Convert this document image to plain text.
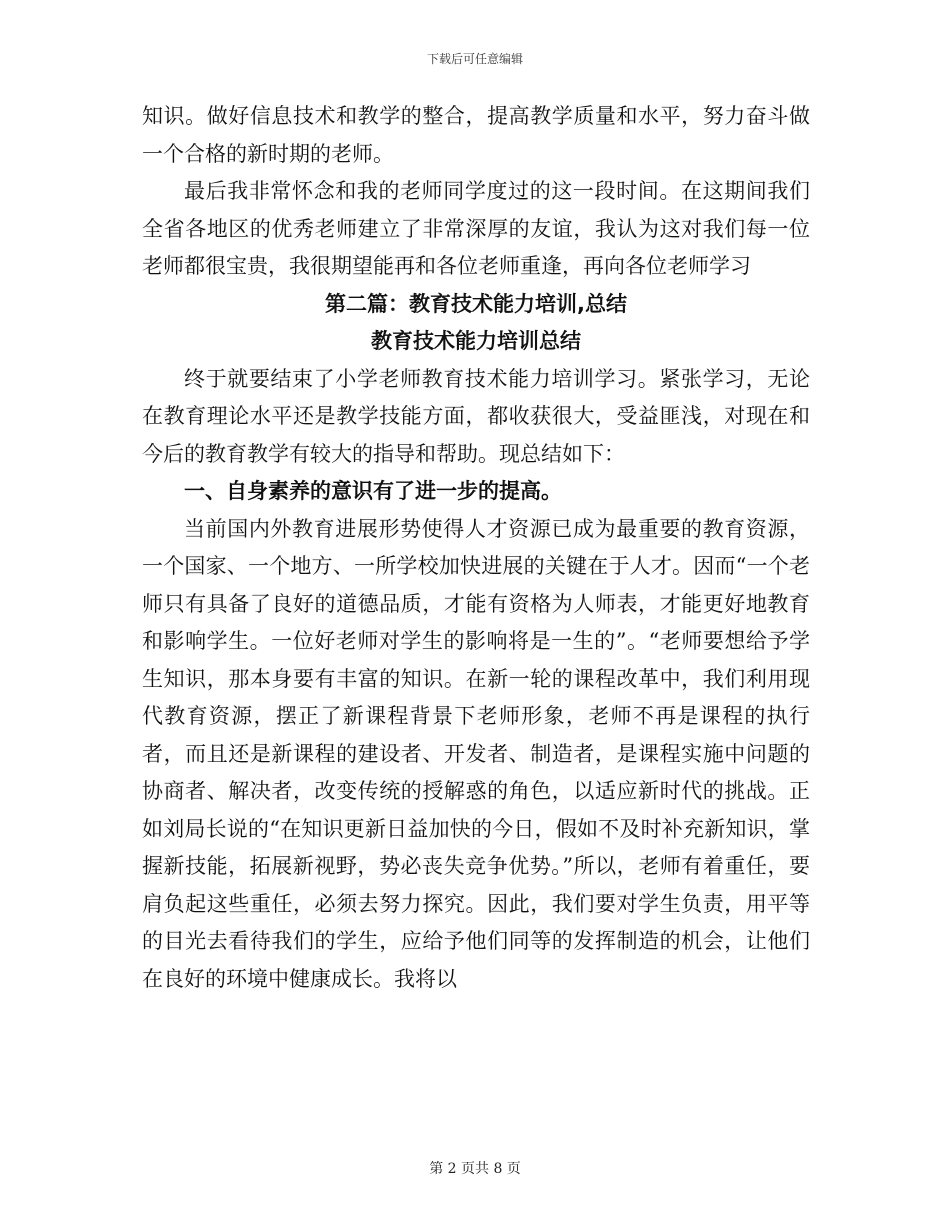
下载后可任意编辑

知识。做好信息技术和教学的整合，提高教学质量和水平，努力奋斗做一个合格的新时期的老师。

最后我非常怀念和我的老师同学度过的这一段时间。在这期间我们全省各地区的优秀老师建立了非常深厚的友谊，我认为这对我们每一位老师都很宝贵，我很期望能再和各位老师重逢，再向各位老师学习

第二篇：教育技术能力培训,总结

教育技术能力培训总结

终于就要结束了小学老师教育技术能力培训学习。紧张学习，无论在教育理论水平还是教学技能方面，都收获很大，受益匪浅，对现在和今后的教育教学有较大的指导和帮助。现总结如下：

一、自身素养的意识有了进一步的提高。

当前国内外教育进展形势使得人才资源已成为最重要的教育资源，一个国家、一个地方、一所学校加快进展的关键在于人才。因而“一个老师只有具备了良好的道德品质，才能有资格为人师表，才能更好地教育和影响学生。一位好老师对学生的影响将是一生的”。“老师要想给予学生知识，那本身要有丰富的知识。在新一轮的课程改革中，我们利用现代教育资源，摆正了新课程背景下老师形象，老师不再是课程的执行者，而且还是新课程的建设者、开发者、制造者，是课程实施中问题的协商者、解决者，改变传统的授解惑的角色，以适应新时代的挑战。正如刘局长说的“在知识更新日益加快的今日，假如不及时补充新知识，掌握新技能，拓展新视野，势必丧失竞争优势。”所以，老师有着重任，要肩负起这些重任，必须去努力探究。因此，我们要对学生负责，用平等的目光去看待我们的学生，应给予他们同等的发挥制造的机会，让他们在良好的环境中健康成长。我将以

第 2 页共 8 页
